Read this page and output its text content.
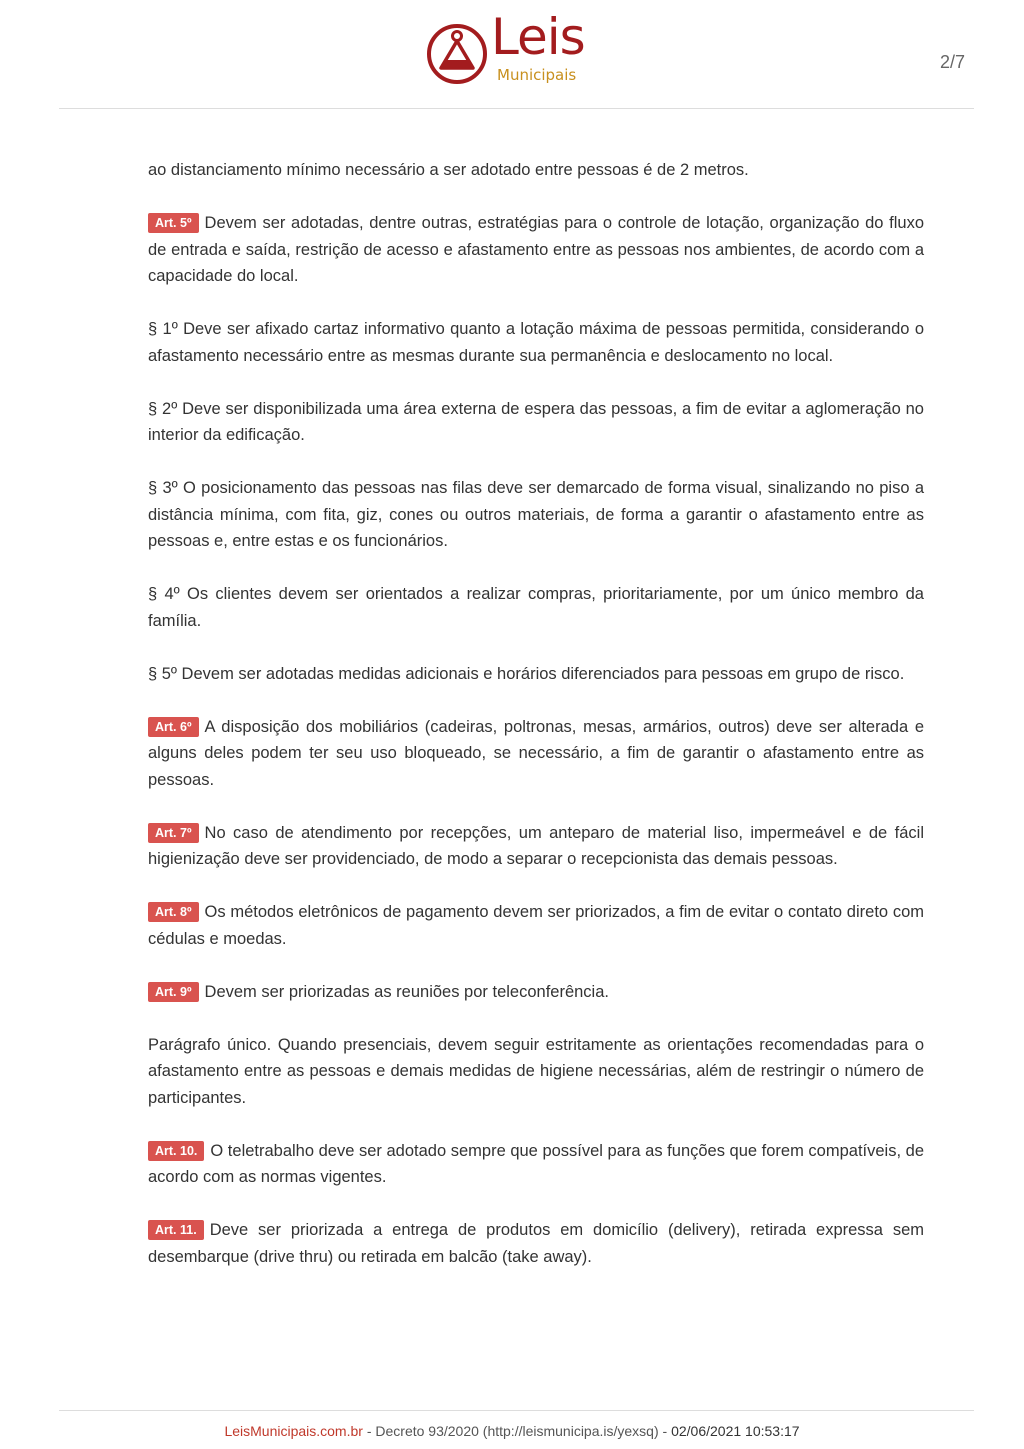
Leis
Municipais
2/7

ao distanciamento mínimo necessário a ser adotado entre pessoas é de 2 metros.

Art. 5º Devem ser adotadas, dentre outras, estratégias para o controle de lotação, organização do fluxo de entrada e saída, restrição de acesso e afastamento entre as pessoas nos ambientes, de acordo com a capacidade do local.

§ 1º Deve ser afixado cartaz informativo quanto a lotação máxima de pessoas permitida, considerando o afastamento necessário entre as mesmas durante sua permanência e deslocamento no local.

§ 2º Deve ser disponibilizada uma área externa de espera das pessoas, a fim de evitar a aglomeração no interior da edificação.

§ 3º O posicionamento das pessoas nas filas deve ser demarcado de forma visual, sinalizando no piso a distância mínima, com fita, giz, cones ou outros materiais, de forma a garantir o afastamento entre as pessoas e, entre estas e os funcionários.

§ 4º Os clientes devem ser orientados a realizar compras, prioritariamente, por um único membro da família.

§ 5º Devem ser adotadas medidas adicionais e horários diferenciados para pessoas em grupo de risco.

Art. 6º A disposição dos mobiliários (cadeiras, poltronas, mesas, armários, outros) deve ser alterada e alguns deles podem ter seu uso bloqueado, se necessário, a fim de garantir o afastamento entre as pessoas.

Art. 7º No caso de atendimento por recepções, um anteparo de material liso, impermeável e de fácil higienização deve ser providenciado, de modo a separar o recepcionista das demais pessoas.

Art. 8º Os métodos eletrônicos de pagamento devem ser priorizados, a fim de evitar o contato direto com cédulas e moedas.

Art. 9º Devem ser priorizadas as reuniões por teleconferência.

Parágrafo único. Quando presenciais, devem seguir estritamente as orientações recomendadas para o afastamento entre as pessoas e demais medidas de higiene necessárias, além de restringir o número de participantes.

Art. 10. O teletrabalho deve ser adotado sempre que possível para as funções que forem compatíveis, de acordo com as normas vigentes.

Art. 11. Deve ser priorizada a entrega de produtos em domicílio (delivery), retirada expressa sem desembarque (drive thru) ou retirada em balcão (take away).

LeisMunicipais.com.br - Decreto 93/2020 (http://leismunicipa.is/yexsq) - 02/06/2021 10:53:17
